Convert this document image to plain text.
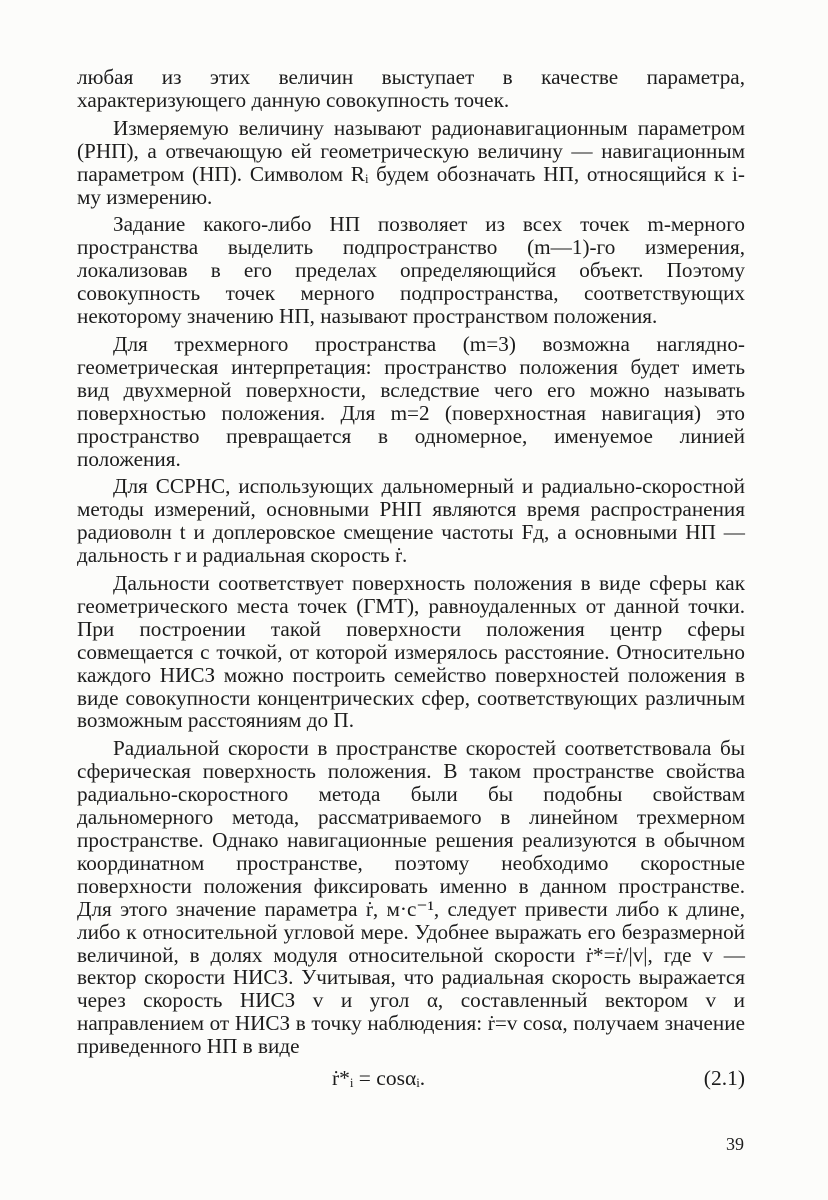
любая из этих величин выступает в качестве параметра, характеризующего данную совокупность точек.

Измеряемую величину называют радионавигационным параметром (РНП), а отвечающую ей геометрическую величину — навигационным параметром (НП). Символом Rᵢ будем обозначать НП, относящийся к i-му измерению.

Задание какого-либо НП позволяет из всех точек m-мерного пространства выделить подпространство (m—1)-го измерения, локализовав в его пределах определяющийся объект. Поэтому совокупность точек мерного подпространства, соответствующих некоторому значению НП, называют пространством положения.

Для трехмерного пространства (m=3) возможна наглядно-геометрическая интерпретация: пространство положения будет иметь вид двухмерной поверхности, вследствие чего его можно называть поверхностью положения. Для m=2 (поверхностная навигация) это пространство превращается в одномерное, именуемое линией положения.

Для ССРНС, использующих дальномерный и радиально-скоростной методы измерений, основными РНП являются время распространения радиоволн t и доплеровское смещение частоты Fд, а основными НП — дальность r и радиальная скорость ṙ.

Дальности соответствует поверхность положения в виде сферы как геометрического места точек (ГМТ), равноудаленных от данной точки. При построении такой поверхности положения центр сферы совмещается с точкой, от которой измерялось расстояние. Относительно каждого НИСЗ можно построить семейство поверхностей положения в виде совокупности концентрических сфер, соответствующих различным возможным расстояниям до П.

Радиальной скорости в пространстве скоростей соответствовала бы сферическая поверхность положения. В таком пространстве свойства радиально-скоростного метода были бы подобны свойствам дальномерного метода, рассматриваемого в линейном трехмерном пространстве. Однако навигационные решения реализуются в обычном координатном пространстве, поэтому необходимо скоростные поверхности положения фиксировать именно в данном пространстве. Для этого значение параметра ṙ, м·с⁻¹, следует привести либо к длине, либо к относительной угловой мере. Удобнее выражать его безразмерной величиной, в долях модуля относительной скорости ṙ*=ṙ/|v|, где v — вектор скорости НИСЗ. Учитывая, что радиальная скорость выражается через скорость НИСЗ v и угол α, составленный вектором v и направлением от НИСЗ в точку наблюдения: ṙ=v cosα, получаем значение приведенного НП в виде

ṙ*ᵢ = cosαᵢ.	(2.1)
39
